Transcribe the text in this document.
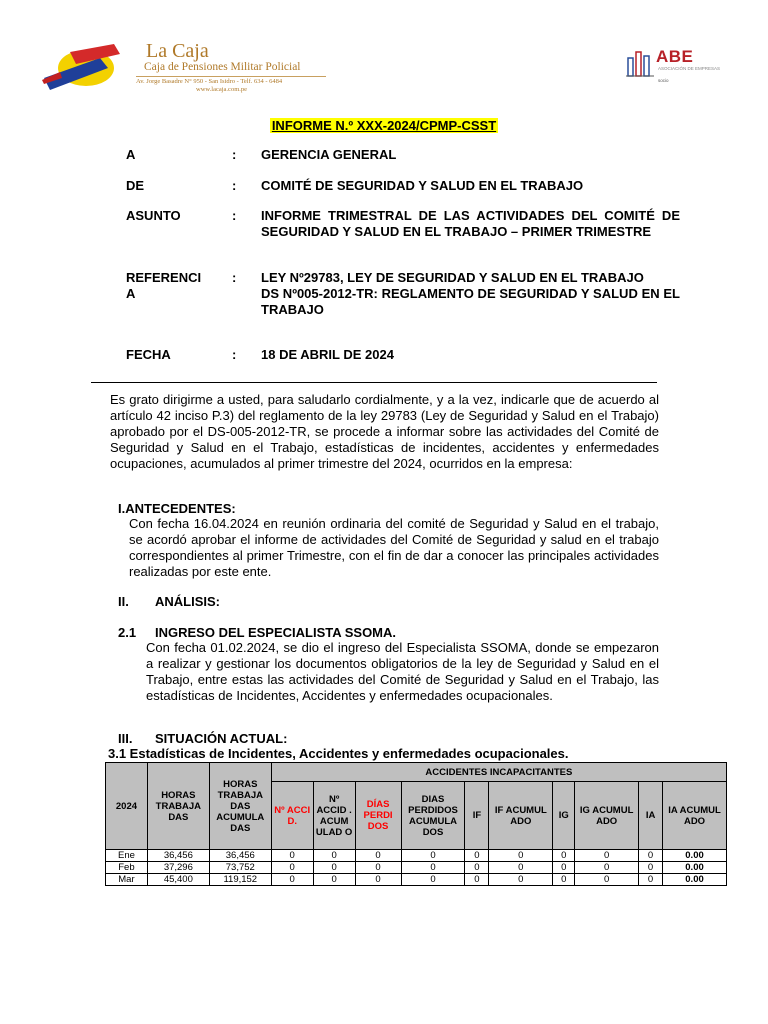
La Caja
Caja de Pensiones Militar Policial
Av. Jorge Basadre N° 950 - San Isidro - Telf. 634 - 6484
www.lacaja.com.pe
ABE
ASOCIACIÓN DE EMPRESAS
socio
INFORME N.º XXX-2024/CPMP-CSST
A	: GERENCIA GENERAL
DE	: COMITÉ DE SEGURIDAD Y SALUD EN EL TRABAJO
ASUNTO	: INFORME TRIMESTRAL DE LAS ACTIVIDADES DEL COMITÉ DE SEGURIDAD Y SALUD EN EL TRABAJO – PRIMER TRIMESTRE
REFERENCIA
: LEY Nº29783, LEY DE SEGURIDAD Y SALUD EN EL TRABAJO
DS Nº005-2012-TR: REGLAMENTO DE SEGURIDAD Y SALUD EN EL TRABAJO
FECHA	: 18 DE ABRIL DE 2024
Es grato dirigirme a usted, para saludarlo cordialmente, y a la vez, indicarle que de acuerdo al artículo 42 inciso P.3) del reglamento de la ley 29783 (Ley de Seguridad y Salud en el Trabajo) aprobado por el DS-005-2012-TR, se procede a informar sobre las actividades del Comité de Seguridad y Salud en el Trabajo, estadísticas de incidentes, accidentes y enfermedades ocupaciones, acumulados al primer trimestre del 2024, ocurridos en la empresa:
I.ANTECEDENTES:
Con fecha 16.04.2024 en reunión ordinaria del comité de Seguridad y Salud en el trabajo, se acordó aprobar el informe de actividades del Comité de Seguridad y salud en el trabajo correspondientes al primer Trimestre, con el fin de dar a conocer las principales actividades realizadas por este ente.
II. ANÁLISIS:
2.1 INGRESO DEL ESPECIALISTA SSOMA.
Con fecha 01.02.2024, se dio el ingreso del Especialista SSOMA, donde se empezaron a realizar y gestionar los documentos obligatorios de la ley de Seguridad y Salud en el Trabajo, entre estas las actividades del Comité de Seguridad y Salud en el Trabajo, las estadísticas de Incidentes, Accidentes y enfermedades ocupacionales.
III. SITUACIÓN ACTUAL:
3.1 Estadísticas de Incidentes, Accidentes y enfermedades ocupacionales.
2024	HORAS TRABAJA DAS	HORAS TRABAJA DAS ACUMULA DAS	ACCIDENTES INCAPACITANTES									
			Nº ACCI D.	Nº ACCID . ACUM ULAD O	DÍAS PERDI DOS	DIAS PERDIDOS ACUMULA DOS	IF	IF ACUMUL ADO	IG	IG ACUMUL ADO	IA	IA ACUMUL ADO
Ene	36,456	36,456	0	0	0	0	0	0	0	0	0	0.00
Feb	37,296	73,752	0	0	0	0	0	0	0	0	0	0.00
Mar	45,400	119,152	0	0	0	0	0	0	0	0	0	0.00
